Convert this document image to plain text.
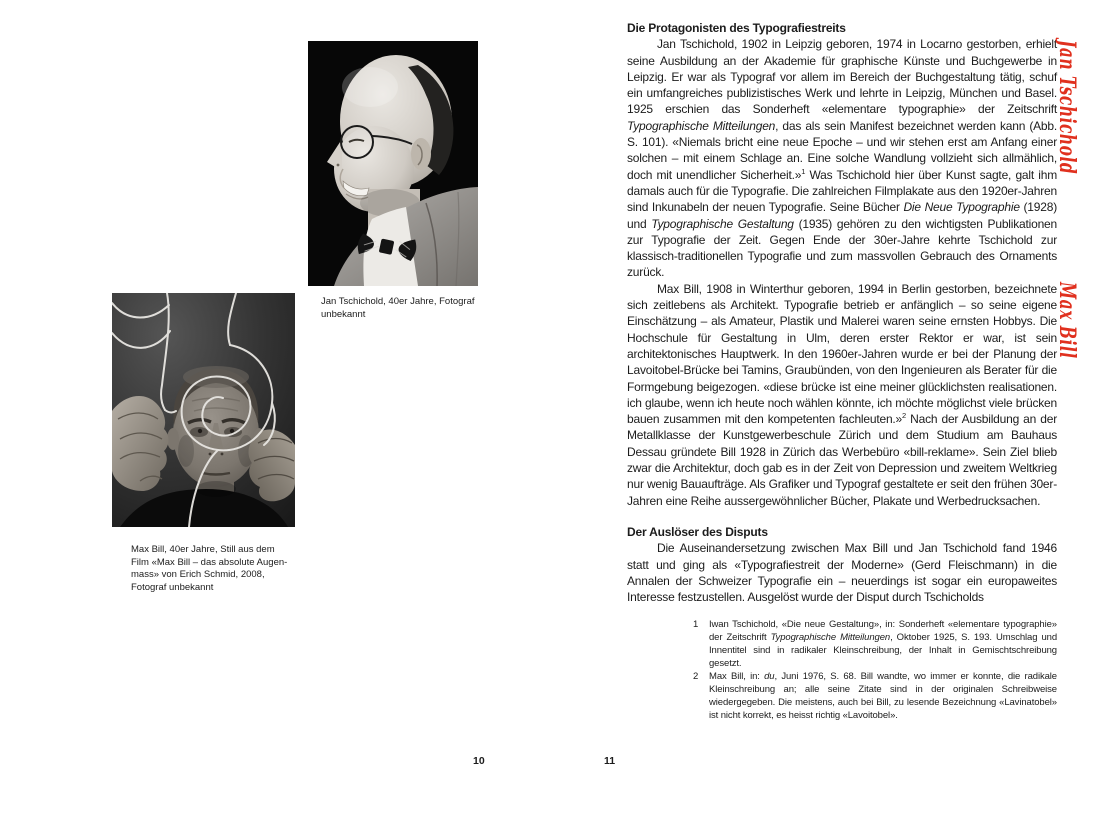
Jan Tschichold, 40er Jahre, Fotograf
unbekannt
Max Bill, 40er Jahre, Still aus dem
Film «Max Bill – das absolute Augen-
mass» von Erich Schmid, 2008,
Fotograf unbekannt
10
Die Protagonisten des Typografiestreits

Jan Tschichold, 1902 in Leipzig geboren, 1974 in Locarno gestorben, erhielt seine Ausbildung an der Akademie für graphische Künste und Buchgewerbe in Leipzig. Er war als Typograf vor allem im Bereich der Buchgestaltung tätig, schuf ein umfangreiches publizistisches Werk und lehrte in Leipzig, München und Basel. 1925 erschien das Sonderheft «elementare typographie» der Zeitschrift Typographische Mitteilungen, das als sein Manifest bezeichnet werden kann (Abb. S. 101). «Niemals bricht eine neue Epoche – und wir stehen erst am Anfang einer solchen – mit einem Schlage an. Eine solche Wandlung vollzieht sich allmählich, doch mit unendlicher Sicherheit.»$^1$ Was Tschichold hier über Kunst sagte, galt ihm damals auch für die Typografie. Die zahlreichen Filmplakate aus den 1920er-Jahren sind Inkunabeln der neuen Typografie. Seine Bücher Die Neue Typographie (1928) und Typographische Gestaltung (1935) gehören zu den wichtigsten Publikationen zur Typografie der Zeit. Gegen Ende der 30er-Jahre kehrte Tschichold zur klassisch-traditionellen Typografie und zum massvollen Gebrauch des Ornaments zurück.

Max Bill, 1908 in Winterthur geboren, 1994 in Berlin gestorben, bezeichnete sich zeitlebens als Architekt. Typografie betrieb er anfänglich – so seine eigene Einschätzung – als Amateur, Plastik und Malerei waren seine ernsten Hobbys. Die Hochschule für Gestaltung in Ulm, deren erster Rektor er war, ist sein architektonisches Hauptwerk. In den 1960er-Jahren wurde er bei der Planung der Lavoitobel-Brücke bei Tamins, Graubünden, von den Ingenieuren als Berater für die Formgebung beigezogen. «diese brücke ist eine meiner glücklichsten realisationen. ich glaube, wenn ich heute noch wählen könnte, ich möchte möglichst viele brücken bauen zusammen mit den kompetenten fachleuten.»$^2$ Nach der Ausbildung an der Metallklasse der Kunstgewerbeschule Zürich und dem Studium am Bauhaus Dessau gründete Bill 1928 in Zürich das Werbebüro «bill-reklame». Sein Ziel blieb zwar die Architektur, doch gab es in der Zeit von Depression und zweitem Weltkrieg nur wenig Bauaufträge. Als Grafiker und Typograf gestaltete er seit den frühen 30er-Jahren eine Reihe aussergewöhnlicher Bücher, Plakate und Werbedrucksachen.

Der Auslöser des Disputs

Die Auseinandersetzung zwischen Max Bill und Jan Tschichold fand 1946 statt und ging als «Typografiestreit der Moderne» (Gerd Fleischmann) in die Annalen der Schweizer Typografie ein – neuerdings ist sogar ein europaweites Interesse festzustellen. Ausgelöst wurde der Disput durch Tschicholds

1	Iwan Tschichold, «Die neue Gestaltung», in: Sonderheft «elementare typographie» der Zeitschrift Typographische Mitteilungen, Oktober 1925, S. 193. Umschlag und Innentitel sind in radikaler Kleinschreibung, der Inhalt in Gemischtschreibung gesetzt.
2	Max Bill, in: du, Juni 1976, S. 68. Bill wandte, wo immer er konnte, die radikale Kleinschreibung an; alle seine Zitate sind in der originalen Schreibweise wiedergegeben. Die meistens, auch bei Bill, zu lesende Bezeichnung «Lavinatobel» ist nicht korrekt, es heisst richtig «Lavoitobel».
Jan Tschichold
Max Bill
11
